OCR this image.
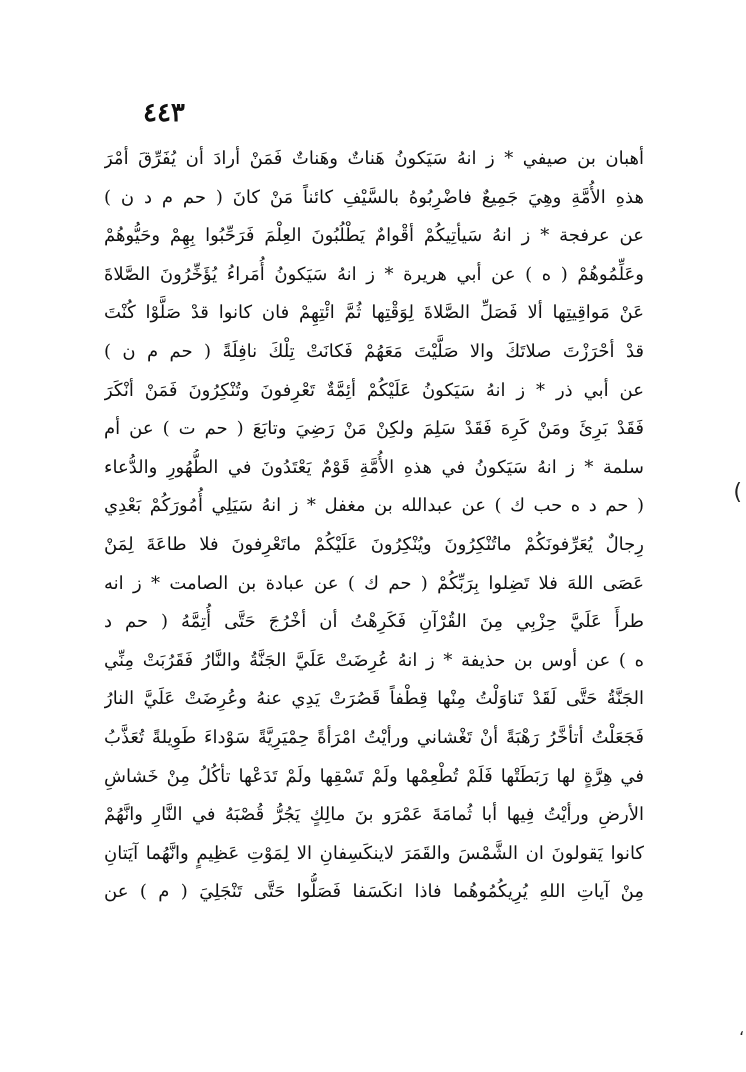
٤٤٣
أهبان بن صيفي * ز انهُ سَيَكونُ هَناتٌ وهَناتٌ فَمَنْ أرادَ أن يُفَرِّقَ أمْرَ
هذهِ الأُمَّةِ وهِيَ جَمِيعٌ فاضْرِبُوهُ بالسَّيْفِ كائناً مَنْ كانَ ( حم م د ن )
عن عرفجة * ز انهُ سَيأتِيكُمْ أقْوامٌ يَطْلُبُونَ العِلْمَ فَرَحِّبُوا بِهِمْ وحَيُّوهُمْ
وعَلِّمُوهُمْ ( ه ) عن أبي هريرة * ز انهُ سَيَكونُ أُمَراءُ يُؤَخِّرُونَ الصَّلاةَ
عَنْ مَواقِيتِها ألا فَصَلِّ الصَّلاةَ لِوَقْتِها ثُمَّ ائْتِهِمْ فان كانوا قدْ صَلَّوْا كُنْتَ
قدْ أحْرَزْتَ صلاتَكَ والا صَلَّيْتَ مَعَهُمْ فَكانَتْ تِلْكَ نافِلَةً ( حم م ن )
عن أبي ذر * ز انهُ سَيَكونُ عَلَيْكُمْ أئِمَّةٌ تَعْرِفونَ وتُنْكِرُونَ فَمَنْ أنْكَرَ
فَقَدْ بَرِئَ ومَنْ كَرِهَ فَقَدْ سَلِمَ ولكِنْ مَنْ رَضِيَ وتابَعَ ( حم ت ) عن أم
سلمة * ز انهُ سَيَكونُ في هذهِ الأُمَّةِ قَوْمٌ يَعْتَدُونَ في الطُّهُورِ والدُّعاء
( حم د ه حب ك ) عن عبدالله بن مغفل * ز انهُ سَيَلِي أُمُورَكُمْ بَعْدِي
رِجالٌ يُعَرِّفونَكُمْ ماتُنْكِرُونَ ويُنْكِرُونَ عَلَيْكُمْ ماتَعْرِفونَ فلا طاعَةَ لِمَنْ
عَصَى اللهَ فلا تَضِلوا بِرَبِّكُمْ ( حم ك ) عن عبادة بن الصامت * ز انه
طرأَ عَلَيَّ حِزْبِي مِنَ القُرْآنِ فَكَرِهْتُ أن أخْرُجَ حَتَّى أُتِمَّهُ ( حم د
ه ) عن أوس بن حذيفة * ز انهُ عُرِضَتْ عَلَيَّ الجَنَّةُ والنَّارُ فَقَرُبَتْ مِنِّي
الجَنَّةُ حَتَّى لَقَدْ تَناوَلْتُ مِنْها قِطْفاً قَصُرَتْ يَدِي عنهُ وعُرِضَتْ عَلَيَّ النارُ
فَجَعَلْتُ أتأخَّرُ رَهْبَةً أنْ تَغْشاني ورأيْتُ امْرَأةً حِمْيَرِيَّةً سَوْداءَ طَوِيلةً تُعَذَّبُ
في هِرَّةٍ لها رَبَطَتْها فَلَمْ تُطْعِمْها ولَمْ تَسْقِها ولَمْ تَدَعْها تأكُلُ مِنْ خَشاشِ
الأرضِ ورأيْتُ فِيها أبا ثُمامَةَ عَمْرَو بنَ مالِكٍ يَجُرُّ قُصْبَهُ في النَّارِ وانَّهُمْ
كانوا يَقولونَ ان الشَّمْسَ والقَمَرَ لاينكَسِفانِ الا لِمَوْتِ عَظِيمٍ وانَّهُما آيَتانِ
مِنْ آياتِ اللهِ يُرِيكُمُوهُما فاذا انكَسَفا فَصَلُّوا حَتَّى تَنْجَلِيَ ( م ) عن
(
،
